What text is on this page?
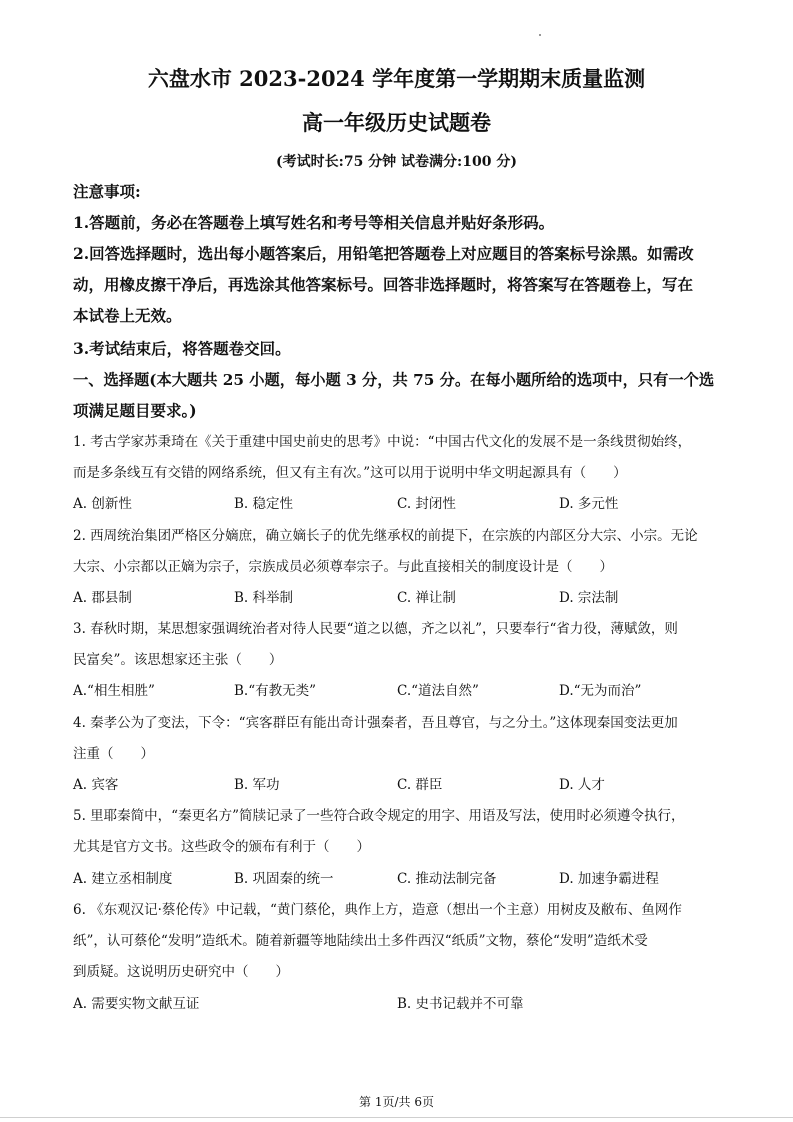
六盘水市 2023-2024 学年度第一学期期末质量监测
高一年级历史试题卷
(考试时长:75 分钟 试卷满分:100 分)
注意事项:
1.答题前，务必在答题卷上填写姓名和考号等相关信息并贴好条形码。
2.回答选择题时，选出每小题答案后，用铅笔把答题卷上对应题目的答案标号涂黑。如需改
动，用橡皮擦干净后，再选涂其他答案标号。回答非选择题时，将答案写在答题卷上，写在
本试卷上无效。
3.考试结束后，将答题卷交回。
一、选择题(本大题共 25 小题，每小题 3 分，共 75 分。在每小题所给的选项中，只有一个选
项满足题目要求。)
1. 考古学家苏秉琦在《关于重建中国史前史的思考》中说：“中国古代文化的发展不是一条线贯彻始终，
而是多条线互有交错的网络系统，但又有主有次。”这可以用于说明中华文明起源具有（　　）
A. 创新性	B. 稳定性	C. 封闭性	D. 多元性
2. 西周统治集团严格区分嫡庶，确立嫡长子的优先继承权的前提下，在宗族的内部区分大宗、小宗。无论
大宗、小宗都以正嫡为宗子，宗族成员必须尊奉宗子。与此直接相关的制度设计是（　　）
A. 郡县制	B. 科举制	C. 禅让制	D. 宗法制
3. 春秋时期，某思想家强调统治者对待人民要“道之以德，齐之以礼”，只要奉行“省力役，薄赋敛，则
民富矣”。该思想家还主张（　　）
A.“相生相胜”	B.“有教无类”	C.“道法自然”	D.“无为而治”
4. 秦孝公为了变法，下令：“宾客群臣有能出奇计强秦者，吾且尊官，与之分土。”这体现秦国变法更加
注重（　　）
A. 宾客	B. 军功	C. 群臣	D. 人才
5. 里耶秦简中，“秦更名方”简牍记录了一些符合政令规定的用字、用语及写法，使用时必须遵令执行，
尤其是官方文书。这些政令的颁布有利于（　　）
A. 建立丞相制度	B. 巩固秦的统一	C. 推动法制完备	D. 加速争霸进程
6. 《东观汉记·蔡伦传》中记载，“黄门蔡伦，典作上方，造意（想出一个主意）用树皮及敝布、鱼网作
纸”，认可蔡伦“发明”造纸术。随着新疆等地陆续出土多件西汉“纸质”文物，蔡伦“发明”造纸术受
到质疑。这说明历史研究中（　　）
A. 需要实物文献互证	B. 史书记载并不可靠
第 1页/共 6页
